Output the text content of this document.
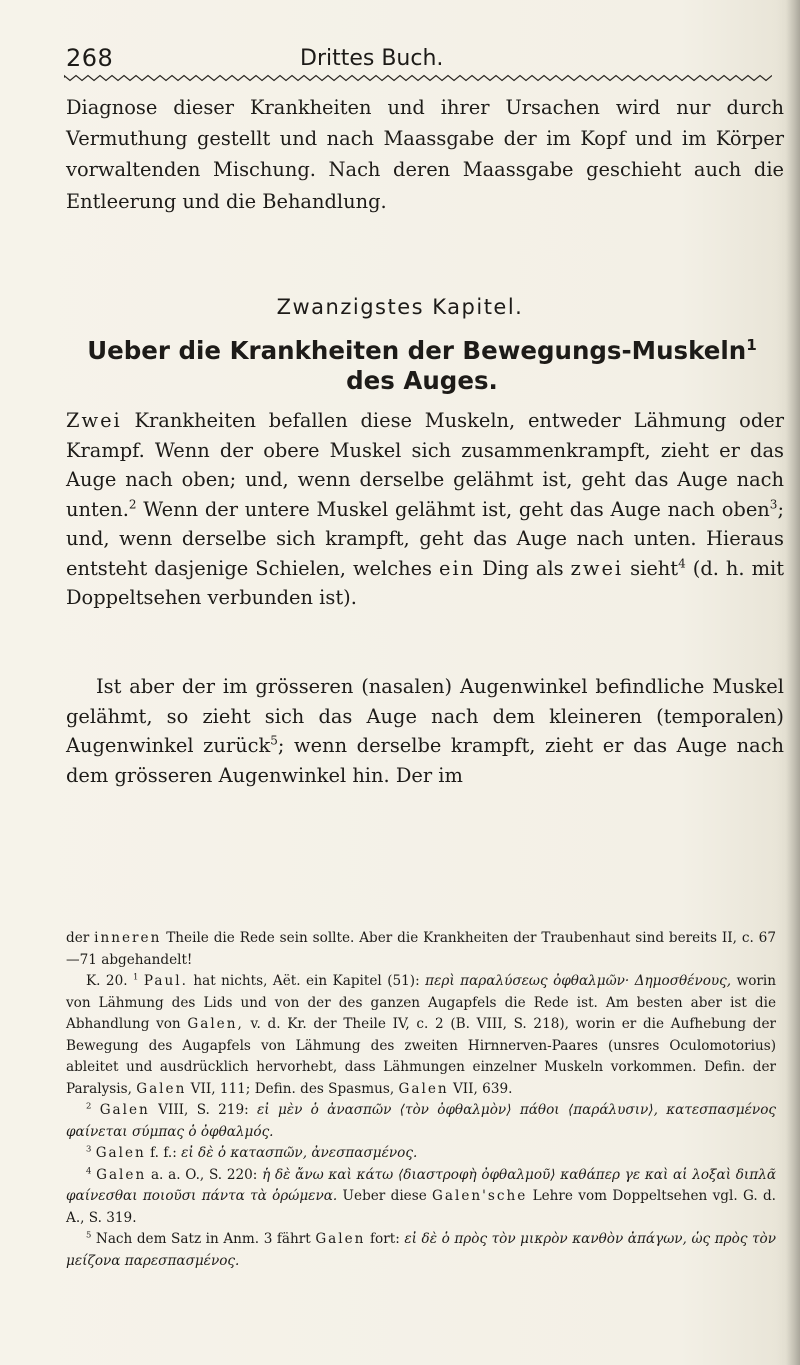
268	Drittes Buch.

Diagnose dieser Krankheiten und ihrer Ursachen wird nur durch Vermuthung gestellt und nach Maassgabe der im Kopf und im Körper vorwaltenden Mischung. Nach deren Maassgabe geschieht auch die Entleerung und die Behandlung.

Zwanzigstes Kapitel.
Ueber die Krankheiten der Bewegungs-Muskeln$^1$
des Auges.

Zwei Krankheiten befallen diese Muskeln, entweder Lähmung oder Krampf. Wenn der obere Muskel sich zusammenkrampft, zieht er das Auge nach oben; und, wenn derselbe gelähmt ist, geht das Auge nach unten.$^2$ Wenn der untere Muskel gelähmt ist, geht das Auge nach oben$^3$; und, wenn derselbe sich krampft, geht das Auge nach unten. Hieraus entsteht dasjenige Schielen, welches ein Ding als zwei sieht$^4$ (d. h. mit Doppeltsehen verbunden ist).

Ist aber der im grösseren (nasalen) Augenwinkel befindliche Muskel gelähmt, so zieht sich das Auge nach dem kleineren (temporalen) Augenwinkel zurück$^5$; wenn derselbe krampft, zieht er das Auge nach dem grösseren Augenwinkel hin. Der im

der inneren Theile die Rede sein sollte. Aber die Krankheiten der Traubenhaut sind bereits II, c. 67—71 abgehandelt!

K. 20. $^1$ Paul. hat nichts, Aët. ein Kapitel (51): περὶ παραλύσεως ὀφθαλμῶν· Δημοσθένους, worin von Lähmung des Lids und von der des ganzen Augapfels die Rede ist. Am besten aber ist die Abhandlung von Galen, v. d. Kr. der Theile IV, c. 2 (B. VIII, S. 218), worin er die Aufhebung der Bewegung des Augapfels von Lähmung des zweiten Hirnnerven-Paares (unsres Oculomotorius) ableitet und ausdrücklich hervorhebt, dass Lähmungen einzelner Muskeln vorkommen. Defin. der Paralysis, Galen VII, 111; Defin. des Spasmus, Galen VII, 639.

$^2$ Galen VIII, S. 219: εἰ μὲν ὁ ἀνασπῶν ⟨τὸν ὀφθαλμὸν⟩ πάθοι ⟨παράλυσιν⟩, κατεσπασμένος φαίνεται σύμπας ὁ ὀφθαλμός.

$^3$ Galen f. f.: εἰ δὲ ὁ κατασπῶν, ἀνεσπασμένος.

$^4$ Galen a. a. O., S. 220: ἡ δὲ ἄνω καὶ κάτω ⟨διαστροφὴ ὀφθαλμοῦ⟩ καθάπερ γε καὶ αἱ λοξαὶ διπλᾶ φαίνεσθαι ποιοῦσι πάντα τὰ ὁρώμενα. Ueber diese Galen'sche Lehre vom Doppeltsehen vgl. G. d. A., S. 319.

$^5$ Nach dem Satz in Anm. 3 fährt Galen fort: εἰ δὲ ὁ πρὸς τὸν μικρὸν κανθὸν ἀπάγων, ὡς πρὸς τὸν μείζονα παρεσπασμένος.
